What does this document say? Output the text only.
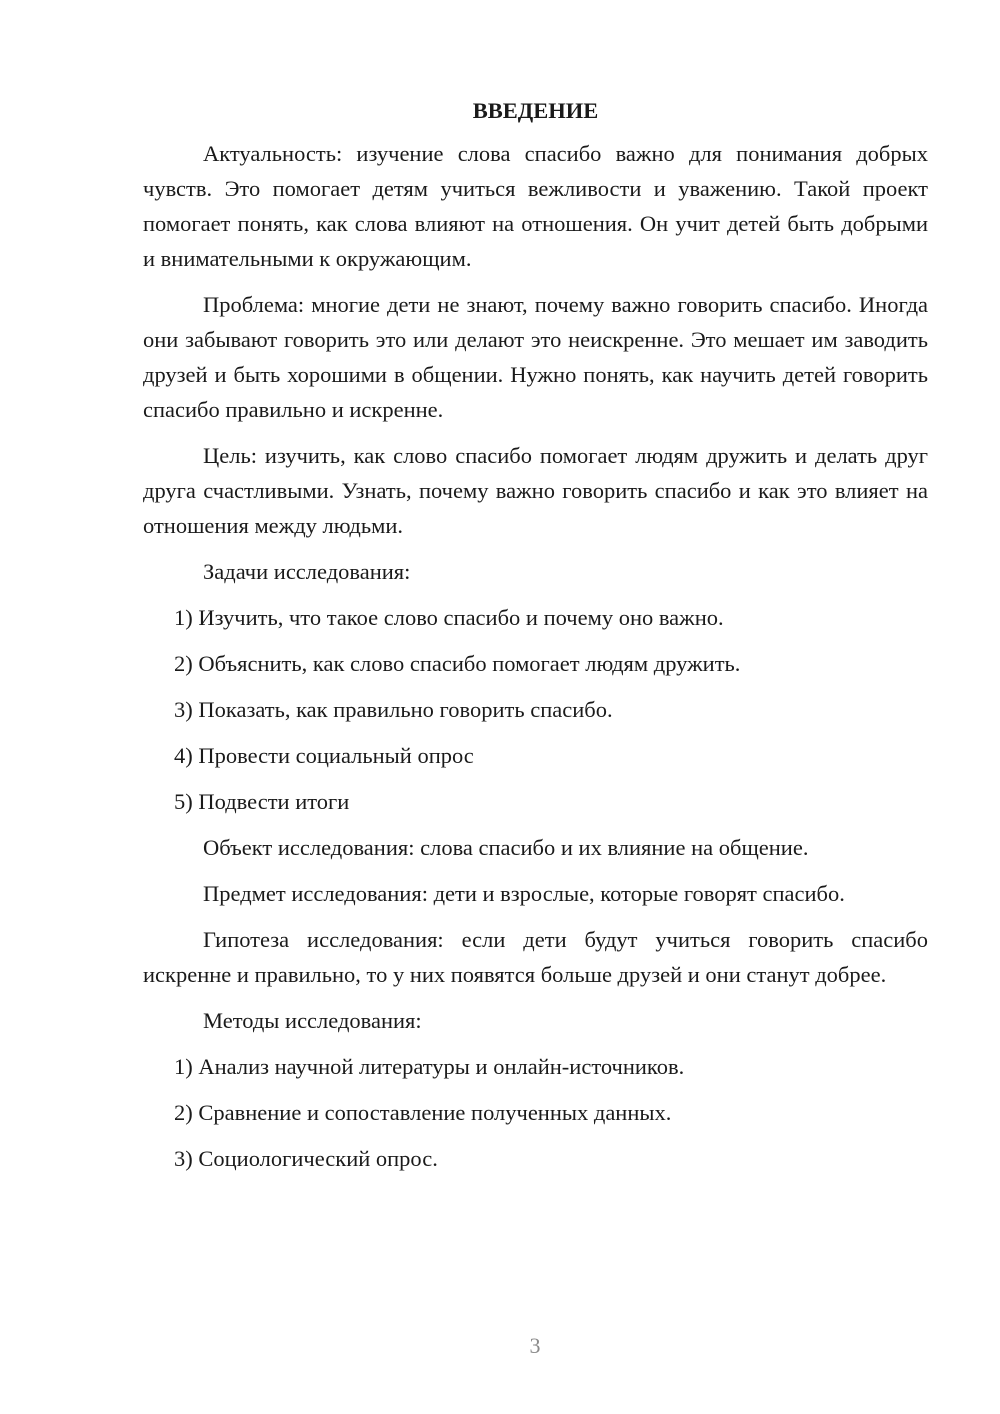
ВВЕДЕНИЕ

Актуальность: изучение слова спасибо важно для понимания добрых чувств. Это помогает детям учиться вежливости и уважению. Такой проект помогает понять, как слова влияют на отношения. Он учит детей быть добрыми и внимательными к окружающим.

Проблема: многие дети не знают, почему важно говорить спасибо. Иногда они забывают говорить это или делают это неискренне. Это мешает им заводить друзей и быть хорошими в общении. Нужно понять, как научить детей говорить спасибо правильно и искренне.

Цель: изучить, как слово спасибо помогает людям дружить и делать друг друга счастливыми. Узнать, почему важно говорить спасибо и как это влияет на отношения между людьми.

Задачи исследования:
1) Изучить, что такое слово спасибо и почему оно важно.
2) Объяснить, как слово спасибо помогает людям дружить.
3) Показать, как правильно говорить спасибо.
4) Провести социальный опрос
5) Подвести итоги
Объект исследования: слова спасибо и их влияние на общение.
Предмет исследования: дети и взрослые, которые говорят спасибо.

Гипотеза исследования: если дети будут учиться говорить спасибо искренне и правильно, то у них появятся больше друзей и они станут добрее.

Методы исследования:
1) Анализ научной литературы и онлайн-источников.
2) Сравнение и сопоставление полученных данных.
3) Социологический опрос.
3
